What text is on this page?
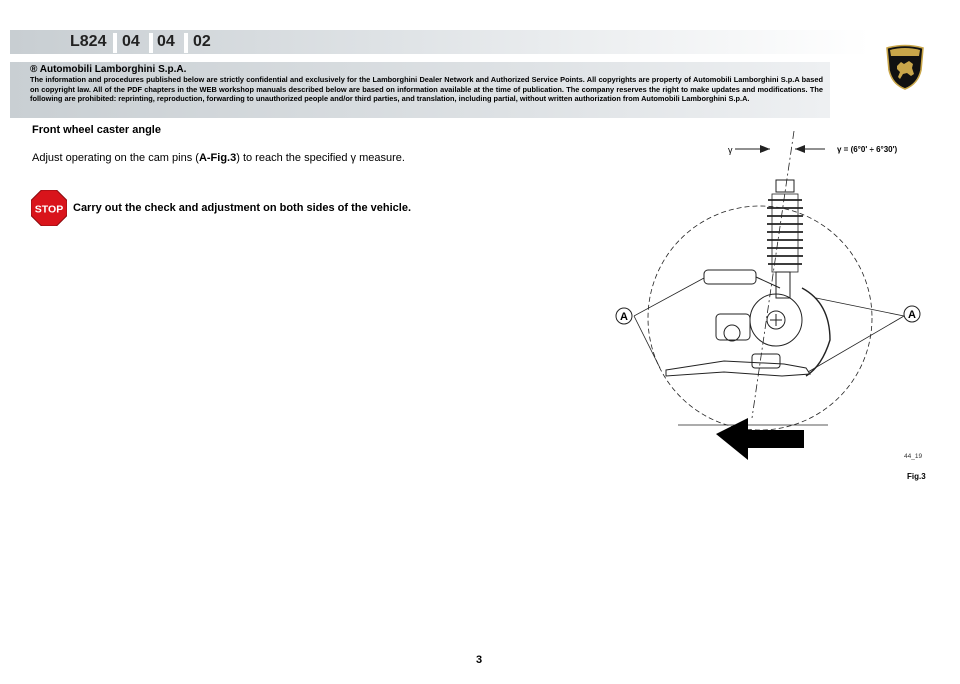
L824 04 04 02
® Automobili Lamborghini S.p.A.
The information and procedures published below are strictly confidential and exclusively for the Lamborghini Dealer Network and Authorized Service Points. All copyrights are property of Automobili Lamborghini S.p.A based on copyright law. All of the PDF chapters in the WEB workshop manuals described below are based on information available at the time of publication. The company reserves the right to make updates and modifications. The following are prohibited: reprinting, reproduction, forwarding to unauthorized people and/or third parties, and translation, including partial, without written authorization from Automobili Lamborghini S.p.A.
Front wheel caster angle
Adjust operating on the cam pins (A-Fig.3) to reach the specified γ measure.
STOP Carry out the check and adjustment on both sides of the vehicle.
γ	γ = (6°0' ÷ 6°30')
A	A
44_19
Fig.3
3
